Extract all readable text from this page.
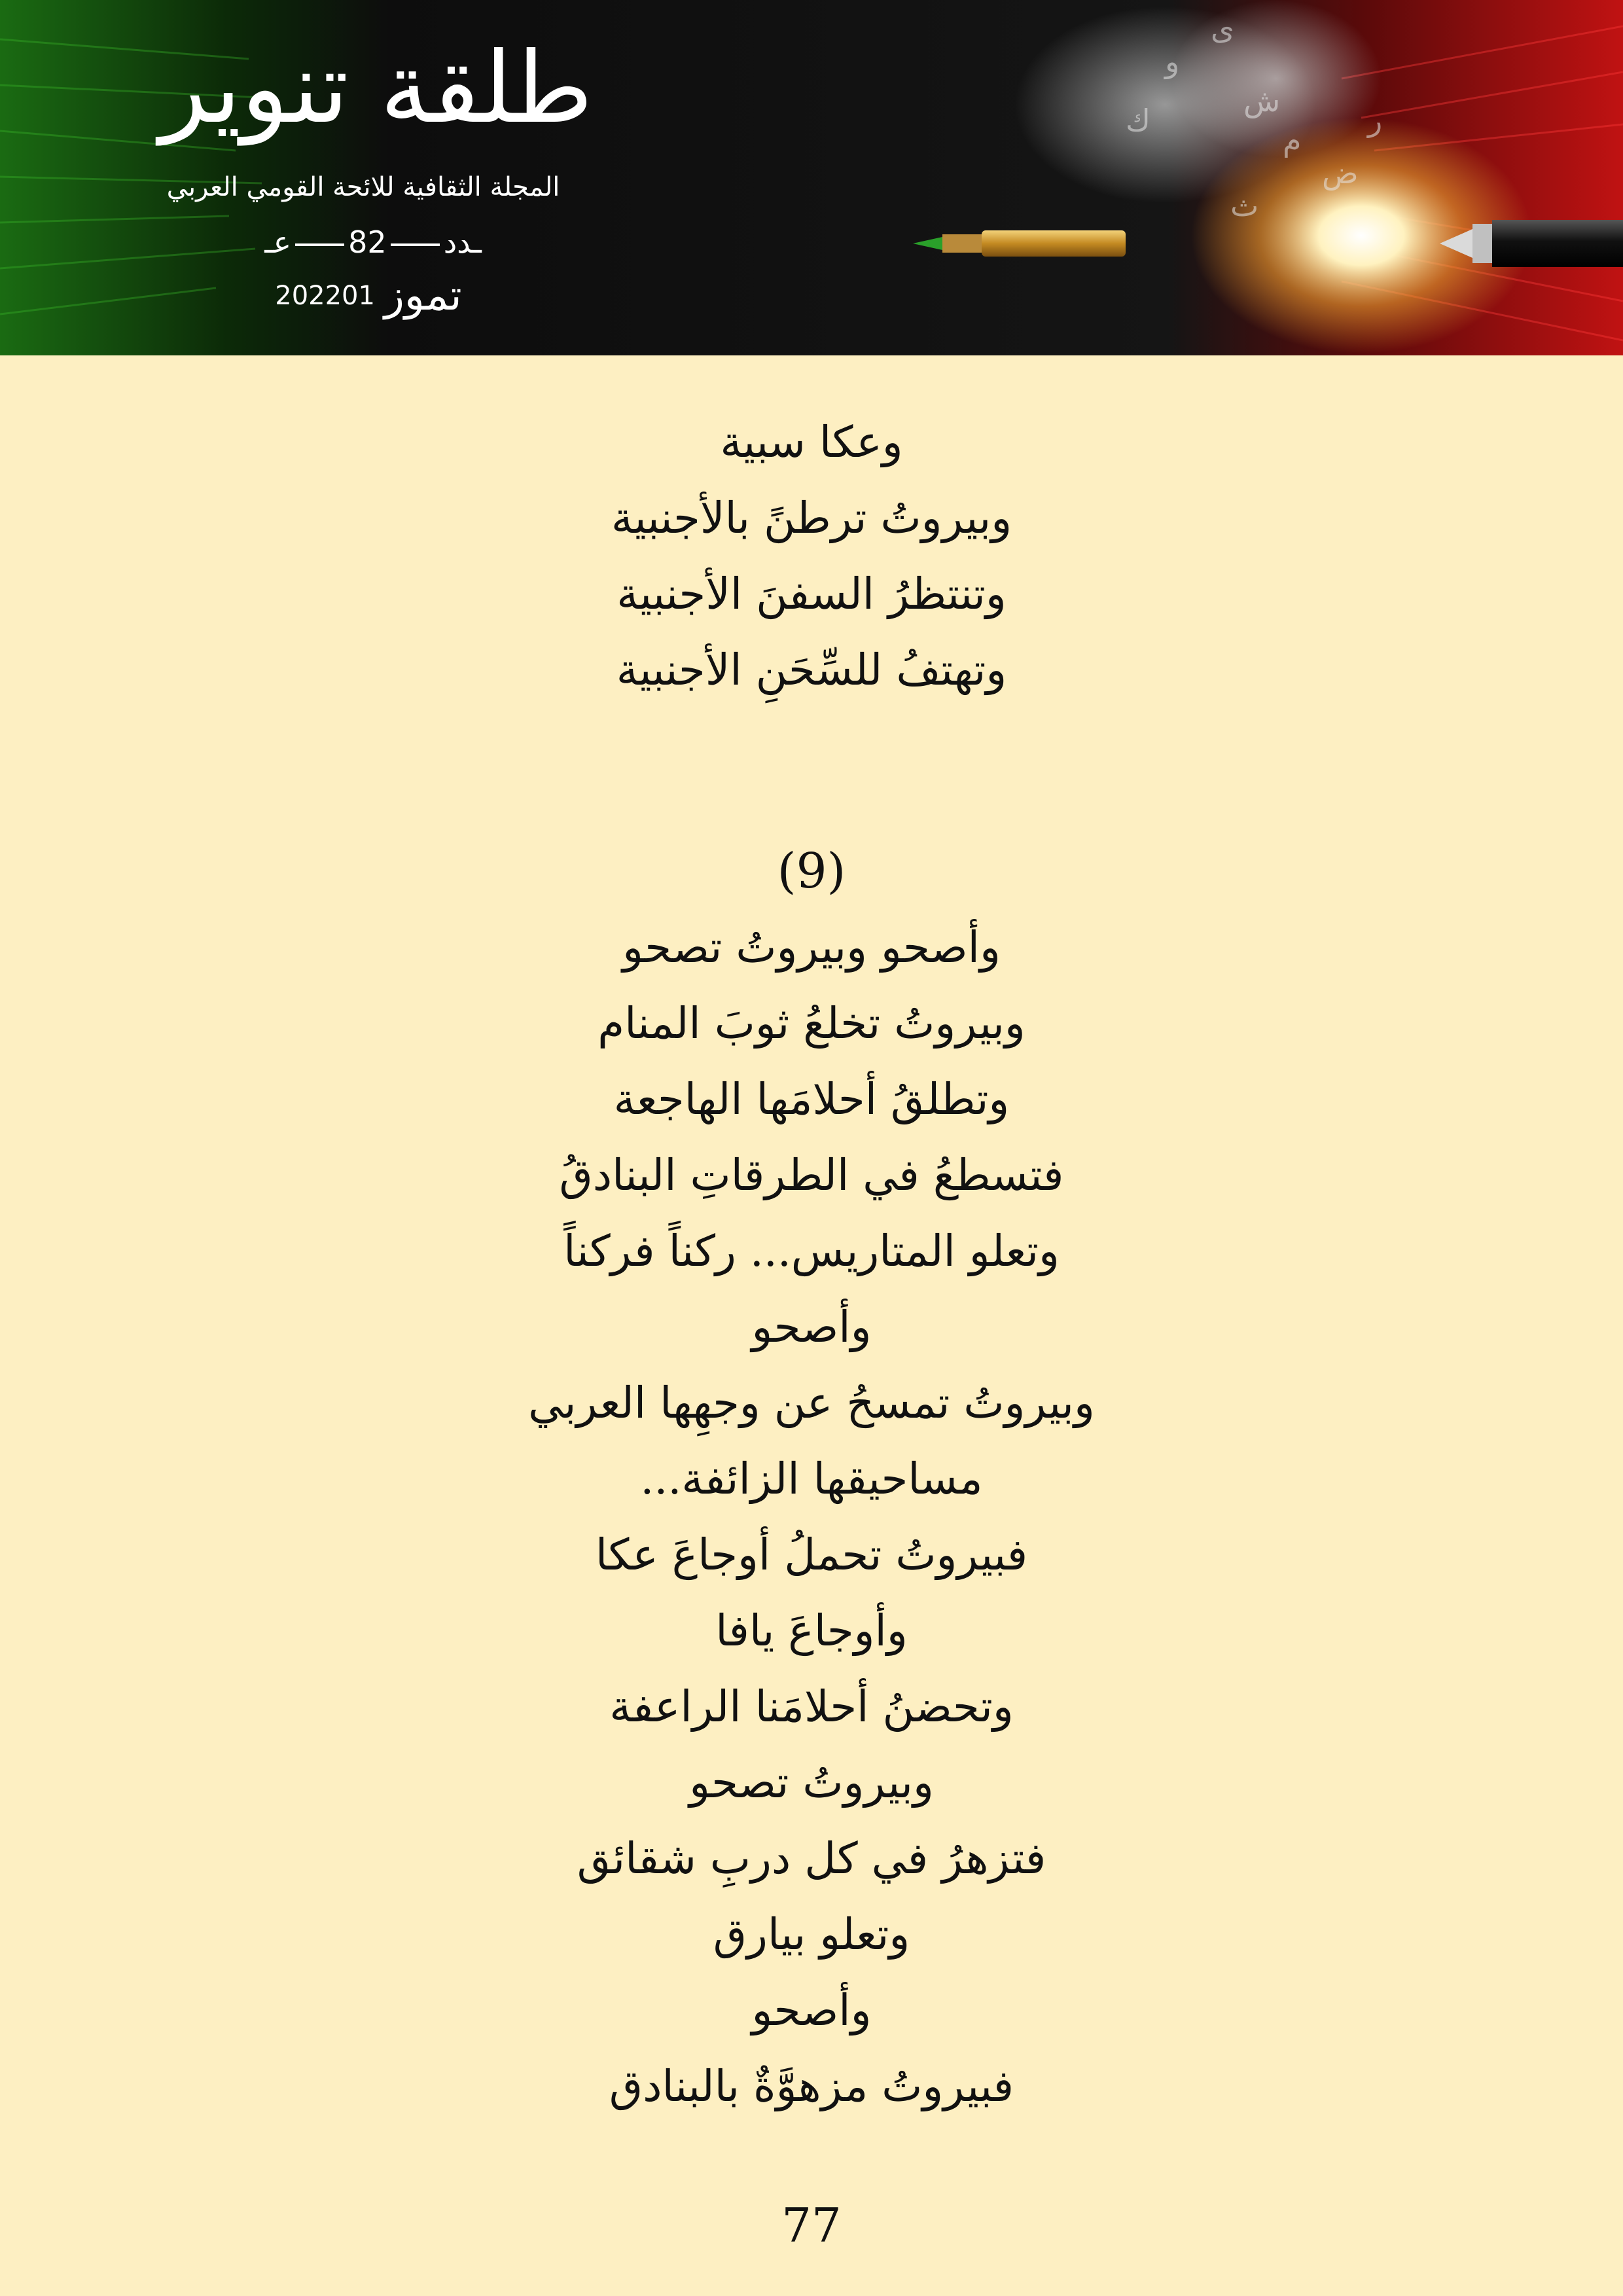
ى
و
ش
م
ث
ض
ك	ر
طلقة تنوير
المجلة الثقافية للائحة القومي العربي
ـدد82عـ
2022 تموز01
وعكا سبية
وبيروتُ ترطنً بالأجنبية
وتنتظرُ السفنَ الأجنبية
وتهتفُ للسِّحَنِ الأجنبية
(9)
وأصحو وبيروتُ تصحو
وبيروتُ تخلعُ ثوبَ المنام
وتطلقُ أحلامَها الهاجعة
فتسطعُ في الطرقاتِ البنادقُ
وتعلو المتاريس... ركناً فركناً
وأصحو
وبيروتُ تمسحُ عن وجهِها العربي
مساحيقها الزائفة...
فبيروتُ تحملُ أوجاعَ عكا
وأوجاعَ يافا
وتحضنُ أحلامَنا الراعفة
وبيروتُ تصحو
فتزهرُ في كل دربِ شقائق
وتعلو بيارق
وأصحو
فبيروتُ مزهوَّةٌ بالبنادق
77
